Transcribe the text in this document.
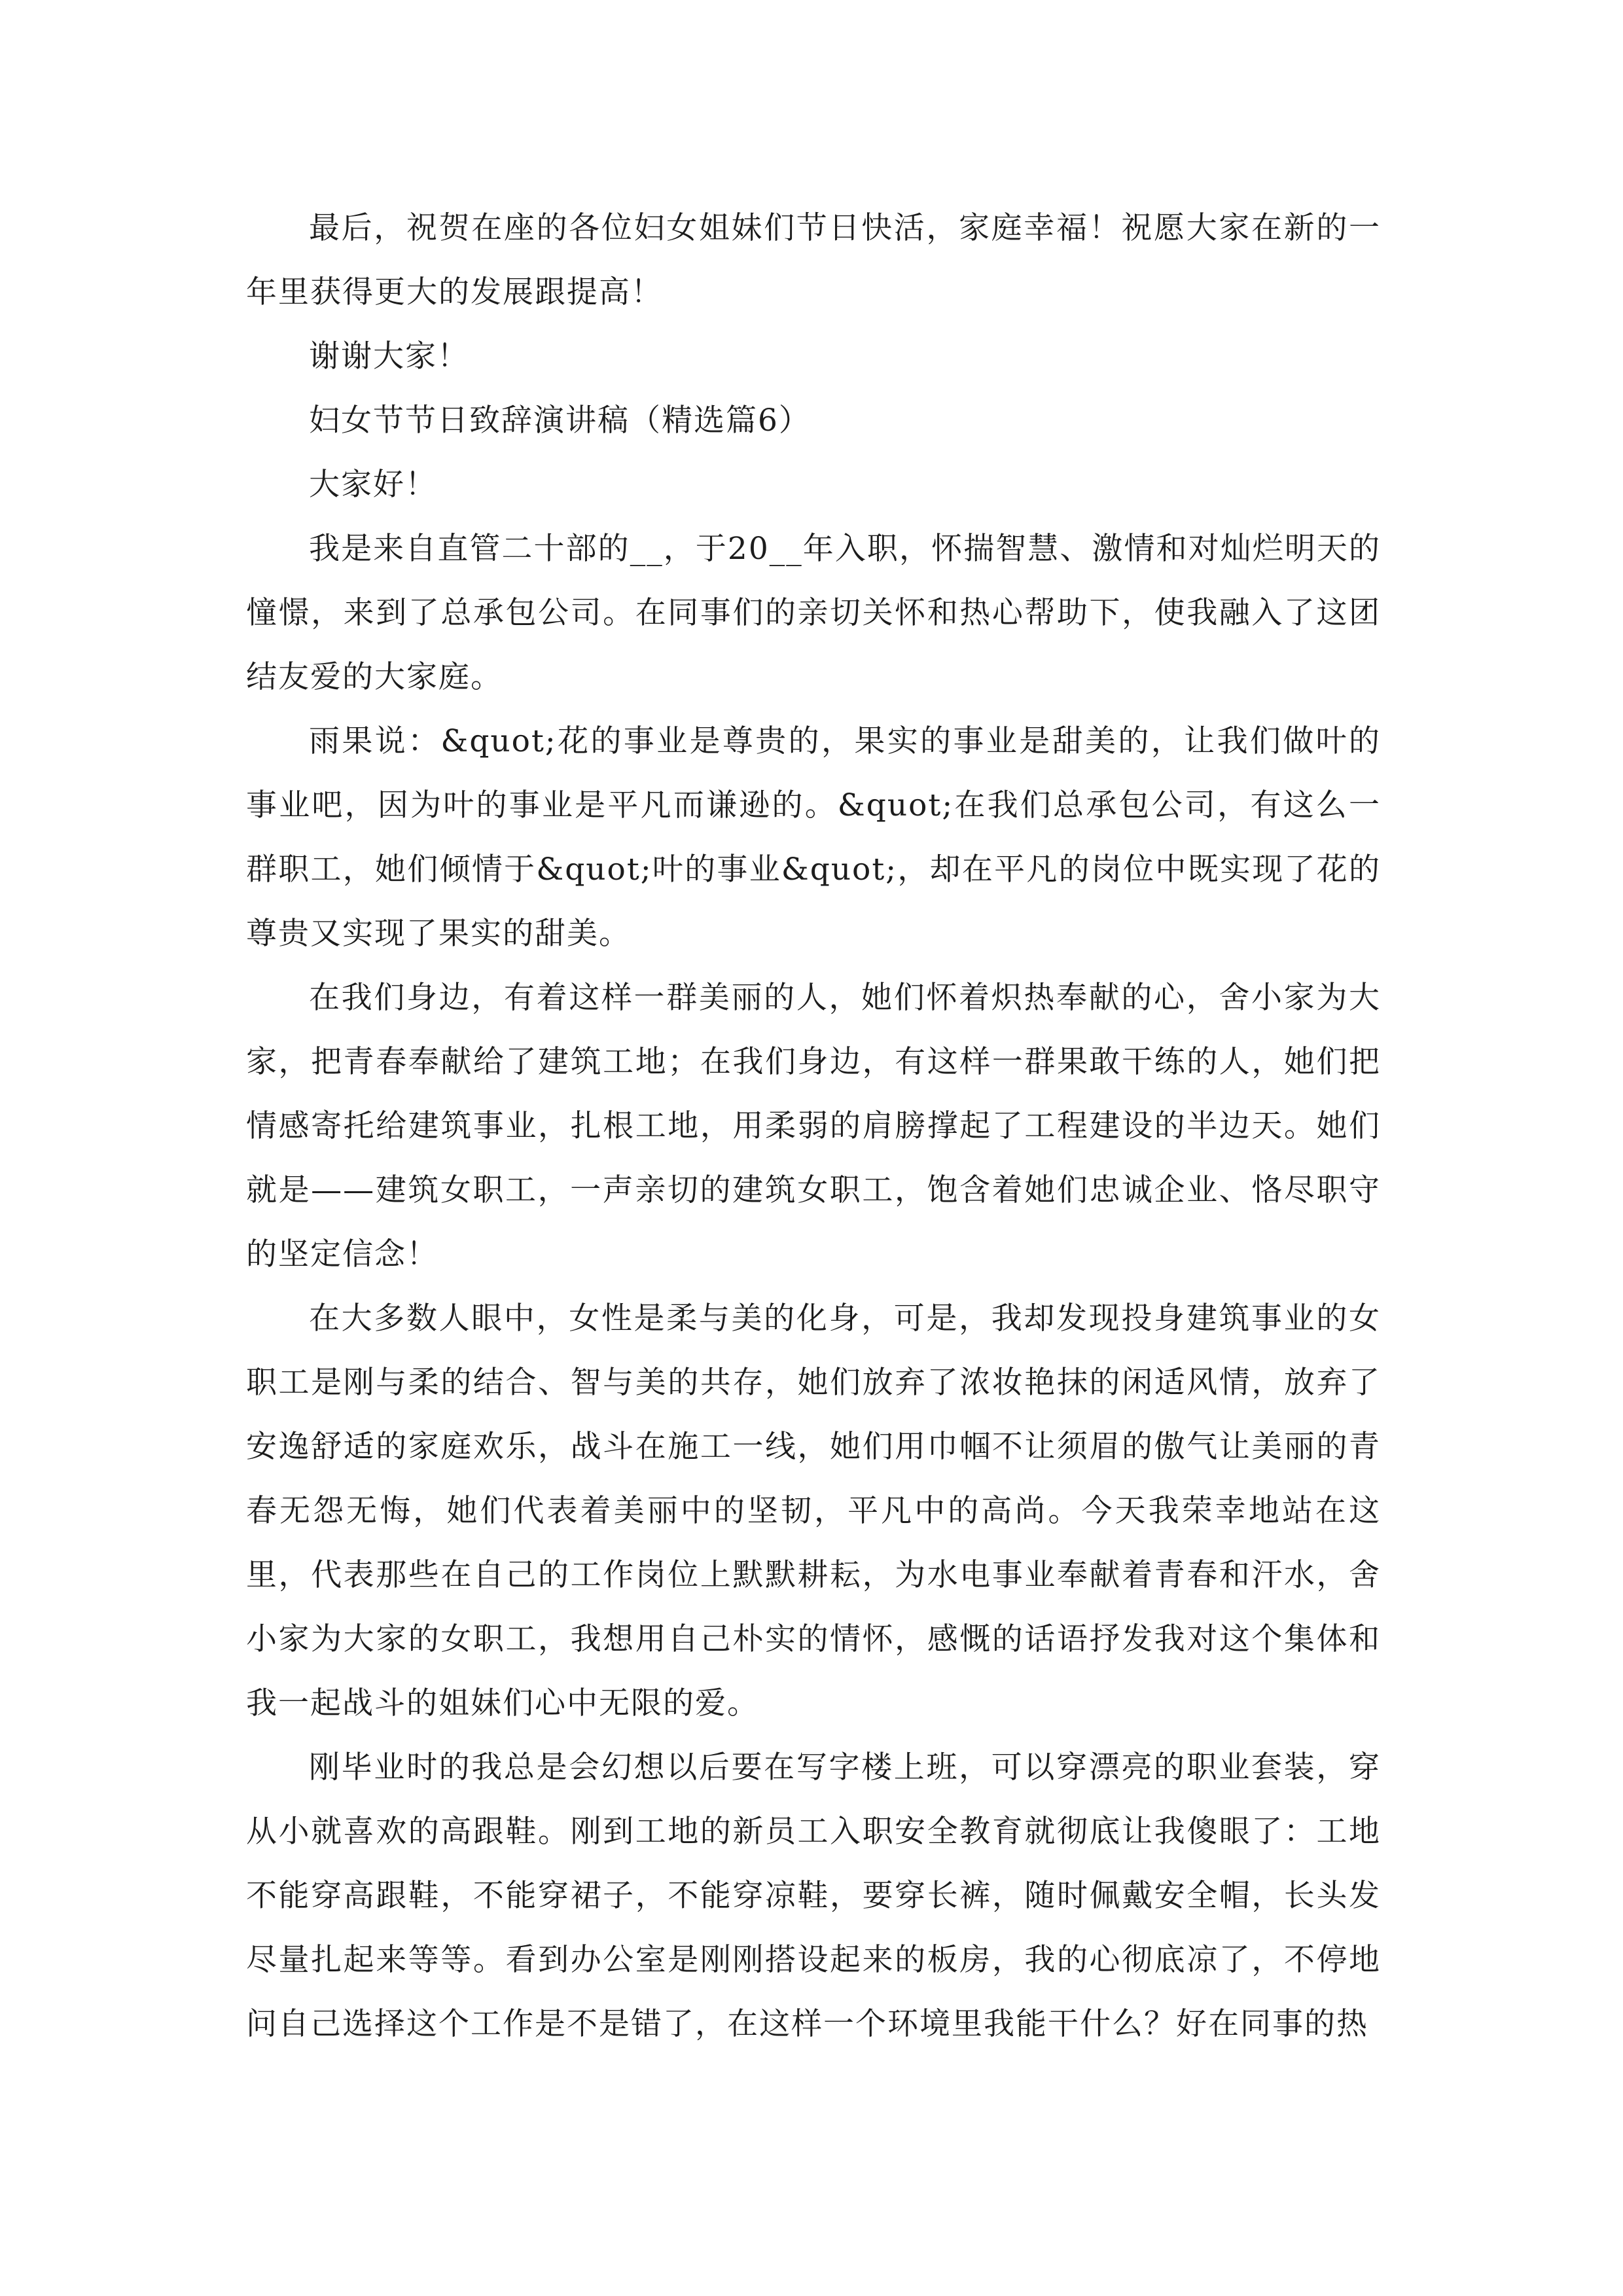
最后，祝贺在座的各位妇女姐妹们节日快活，家庭幸福！祝愿大家在新的一年里获得更大的发展跟提高！

谢谢大家！

妇女节节日致辞演讲稿（精选篇6）

大家好！

我是来自直管二十部的__，于20__年入职，怀揣智慧、激情和对灿烂明天的憧憬，来到了总承包公司。在同事们的亲切关怀和热心帮助下，使我融入了这团结友爱的大家庭。

雨果说：&quot;花的事业是尊贵的，果实的事业是甜美的，让我们做叶的事业吧，因为叶的事业是平凡而谦逊的。&quot;在我们总承包公司，有这么一群职工，她们倾情于&quot;叶的事业&quot;，却在平凡的岗位中既实现了花的尊贵又实现了果实的甜美。

在我们身边，有着这样一群美丽的人，她们怀着炽热奉献的心，舍小家为大家，把青春奉献给了建筑工地；在我们身边，有这样一群果敢干练的人，她们把情感寄托给建筑事业，扎根工地，用柔弱的肩膀撑起了工程建设的半边天。她们就是——建筑女职工，一声亲切的建筑女职工，饱含着她们忠诚企业、恪尽职守的坚定信念！

在大多数人眼中，女性是柔与美的化身，可是，我却发现投身建筑事业的女职工是刚与柔的结合、智与美的共存，她们放弃了浓妆艳抹的闲适风情，放弃了安逸舒适的家庭欢乐，战斗在施工一线，她们用巾帼不让须眉的傲气让美丽的青春无怨无悔，她们代表着美丽中的坚韧，平凡中的高尚。今天我荣幸地站在这里，代表那些在自己的工作岗位上默默耕耘，为水电事业奉献着青春和汗水，舍小家为大家的女职工，我想用自己朴实的情怀，感慨的话语抒发我对这个集体和我一起战斗的姐妹们心中无限的爱。

刚毕业时的我总是会幻想以后要在写字楼上班，可以穿漂亮的职业套装，穿从小就喜欢的高跟鞋。刚到工地的新员工入职安全教育就彻底让我傻眼了：工地不能穿高跟鞋，不能穿裙子，不能穿凉鞋，要穿长裤，随时佩戴安全帽，长头发尽量扎起来等等。看到办公室是刚刚搭设起来的板房，我的心彻底凉了，不停地问自己选择这个工作是不是错了，在这样一个环境里我能干什么？好在同事的热
